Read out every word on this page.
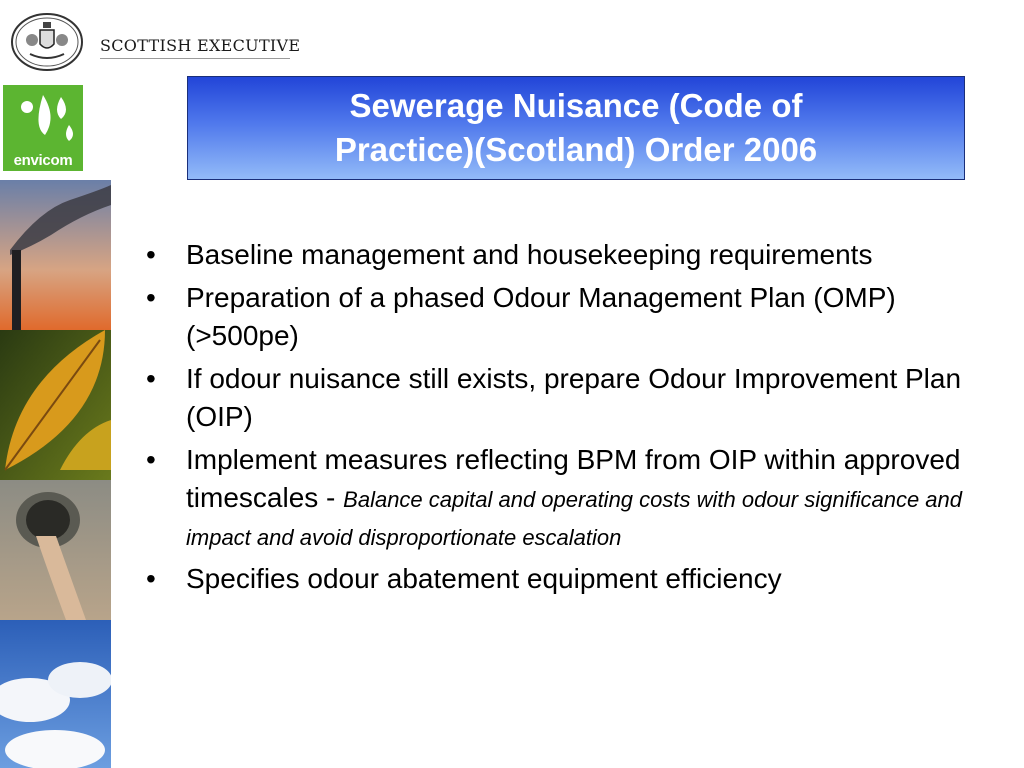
SCOTTISH EXECUTIVE
envicom
Sewerage Nuisance (Code of
Practice)(Scotland) Order 2006
• Baseline management and housekeeping requirements
• Preparation of a phased Odour Management Plan (OMP) (>500pe)
• If odour nuisance still exists, prepare Odour Improvement Plan (OIP)
• Implement measures reflecting BPM from OIP within approved timescales - Balance capital and operating costs with odour significance and impact and avoid disproportionate escalation
• Specifies odour abatement equipment efficiency
